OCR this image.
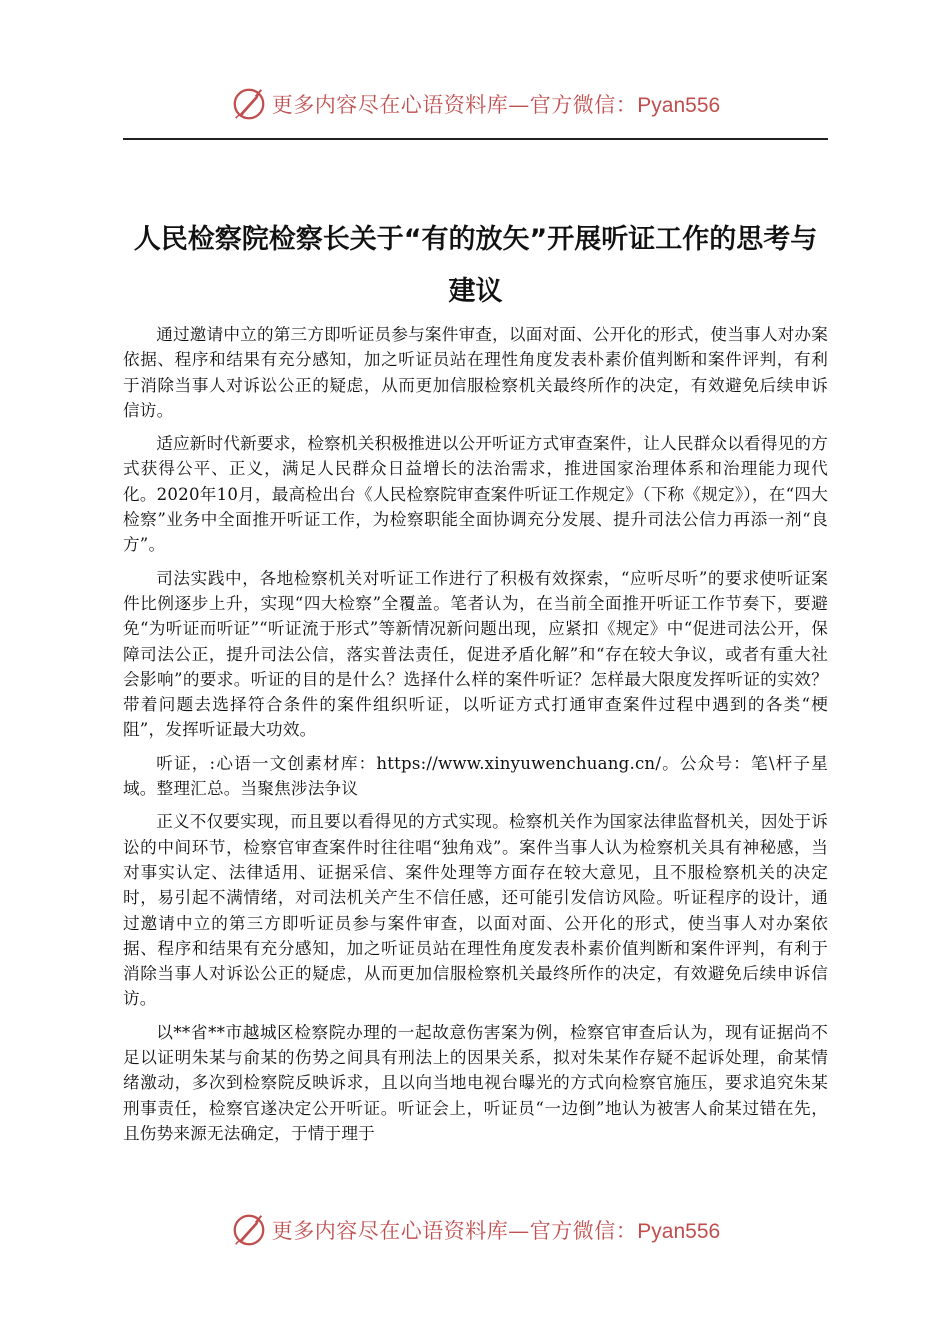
更多内容尽在心语资料库—官方微信：Pyan556
人民检察院检察长关于“有的放矢”开展听证工作的思考与建议

通过邀请中立的第三方即听证员参与案件审查，以面对面、公开化的形式，使当事人对办案依据、程序和结果有充分感知，加之听证员站在理性角度发表朴素价值判断和案件评判，有利于消除当事人对诉讼公正的疑虑，从而更加信服检察机关最终所作的决定，有效避免后续申诉信访。

适应新时代新要求，检察机关积极推进以公开听证方式审查案件，让人民群众以看得见的方式获得公平、正义，满足人民群众日益增长的法治需求，推进国家治理体系和治理能力现代化。2020年10月，最高检出台《人民检察院审查案件听证工作规定》（下称《规定》），在“四大检察”业务中全面推开听证工作，为检察职能全面协调充分发展、提升司法公信力再添一剂“良方”。

司法实践中，各地检察机关对听证工作进行了积极有效探索，“应听尽听”的要求使听证案件比例逐步上升，实现“四大检察”全覆盖。笔者认为，在当前全面推开听证工作节奏下，要避免“为听证而听证”“听证流于形式”等新情况新问题出现，应紧扣《规定》中“促进司法公开，保障司法公正，提升司法公信，落实普法责任，促进矛盾化解”和“存在较大争议，或者有重大社会影响”的要求。听证的目的是什么？选择什么样的案件听证？怎样最大限度发挥听证的实效？带着问题去选择符合条件的案件组织听证，以听证方式打通审查案件过程中遇到的各类“梗阻”，发挥听证最大功效。

听证，:心语一文创素材库：https://www.xinyuwenchuang.cn/。公众号：笔\杆子星域。整理汇总。当聚焦涉法争议

正义不仅要实现，而且要以看得见的方式实现。检察机关作为国家法律监督机关，因处于诉讼的中间环节，检察官审查案件时往往唱“独角戏”。案件当事人认为检察机关具有神秘感，当对事实认定、法律适用、证据采信、案件处理等方面存在较大意见，且不服检察机关的决定时，易引起不满情绪，对司法机关产生不信任感，还可能引发信访风险。听证程序的设计，通过邀请中立的第三方即听证员参与案件审查，以面对面、公开化的形式，使当事人对办案依据、程序和结果有充分感知，加之听证员站在理性角度发表朴素价值判断和案件评判，有利于消除当事人对诉讼公正的疑虑，从而更加信服检察机关最终所作的决定，有效避免后续申诉信访。

以**省**市越城区检察院办理的一起故意伤害案为例，检察官审查后认为，现有证据尚不足以证明朱某与俞某的伤势之间具有刑法上的因果关系，拟对朱某作存疑不起诉处理，俞某情绪激动，多次到检察院反映诉求，且以向当地电视台曝光的方式向检察官施压，要求追究朱某刑事责任，检察官遂决定公开听证。听证会上，听证员“一边倒”地认为被害人俞某过错在先，且伤势来源无法确定，于情于理于

更多内容尽在心语资料库—官方微信：Pyan556
